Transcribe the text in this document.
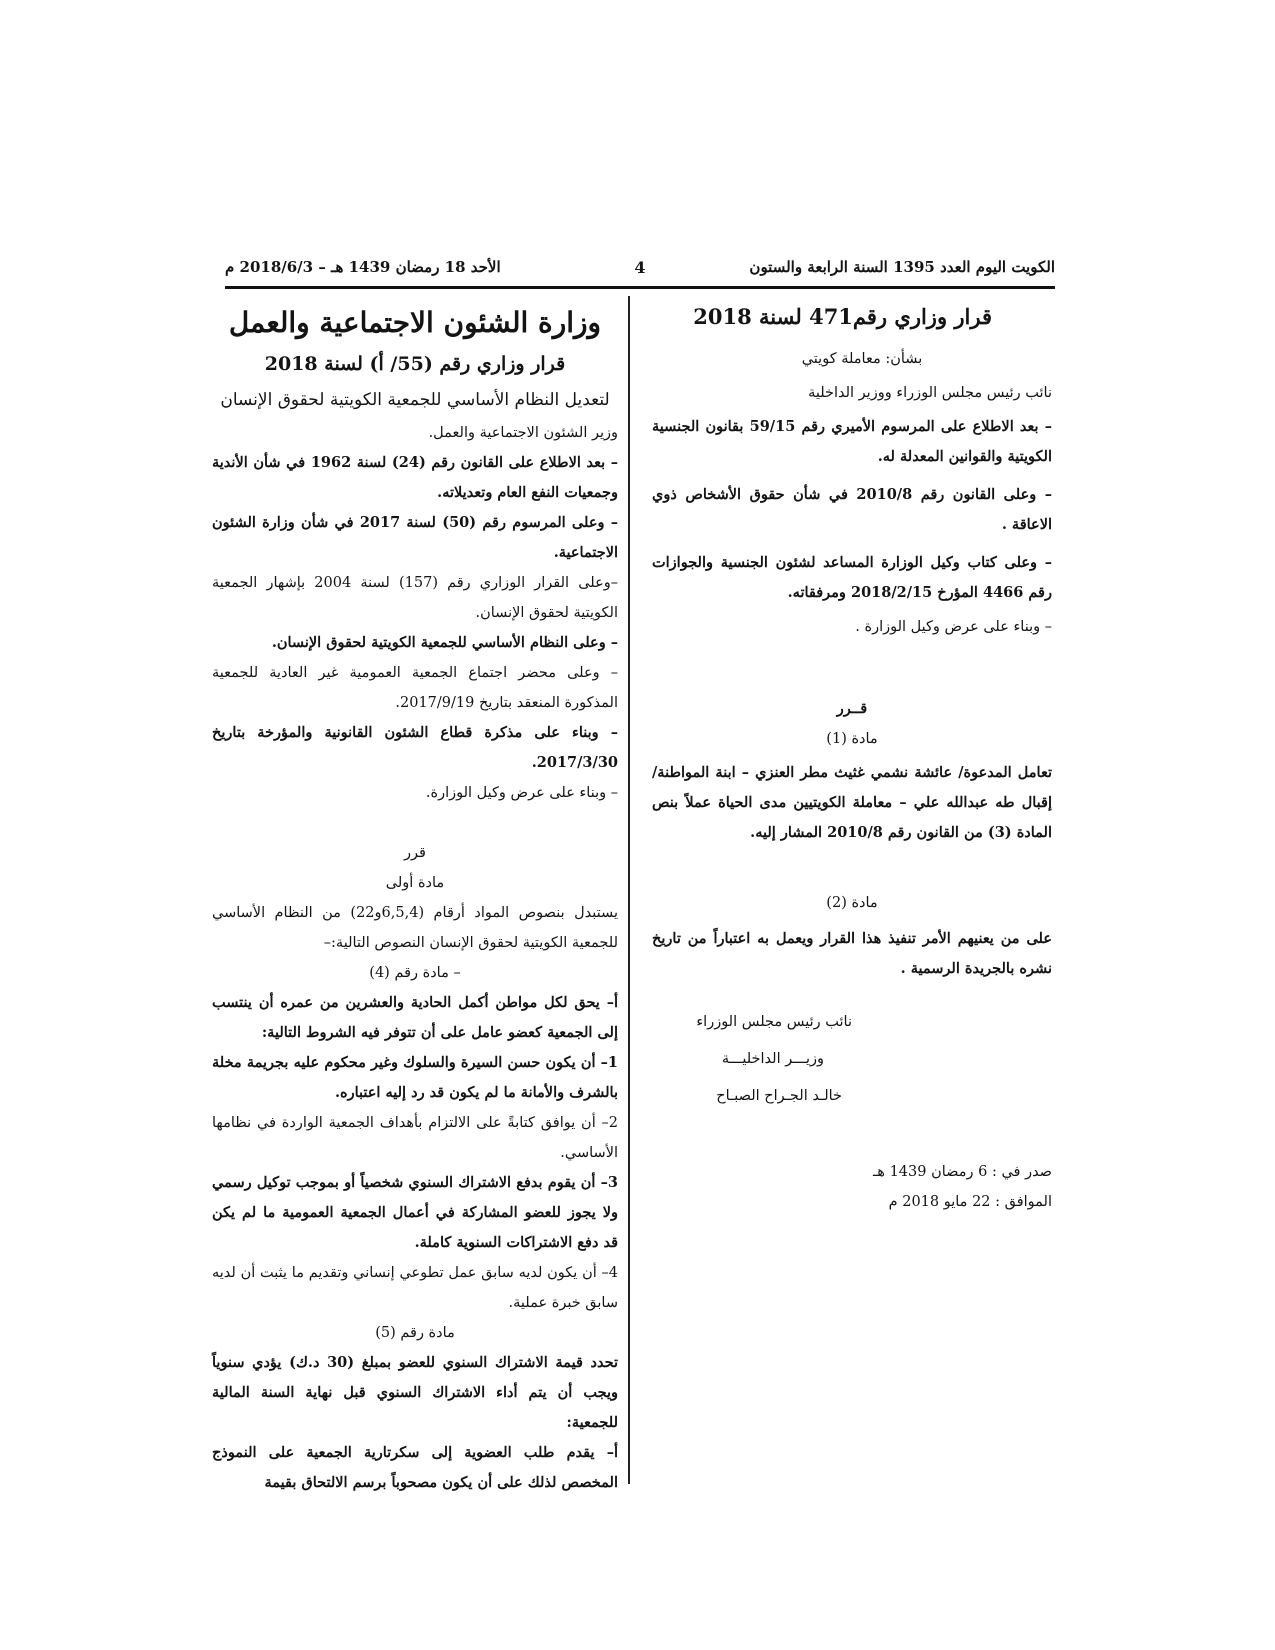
الكويت اليوم العدد 1395 السنة الرابعة والستون
4
الأحد 18 رمضان 1439 هـ – 2018/6/3 م

قرار وزاري رقم471 لسنة 2018

بشأن: معاملة كويتي

نائب رئيس مجلس الوزراء ووزير الداخلية

– بعد الاطلاع على المرسوم الأميري رقم 59/15 بقانون الجنسية الكويتية والقوانين المعدلة له.

– وعلى القانون رقم 2010/8 في شأن حقوق الأشخاص ذوي الاعاقة .

– وعلى كتاب وكيل الوزارة المساعد لشئون الجنسية والجوازات رقم 4466 المؤرخ 2018/2/15 ومرفقاته.

– وبناء على عرض وكيل الوزارة .

قــرر

مادة (1)

تعامل المدعوة/ عائشة نشمي غثيث مطر العنزي – ابنة المواطنة/ إقبال طه عبدالله علي – معاملة الكويتيين مدى الحياة عملاً بنص المادة (3) من القانون رقم 2010/8 المشار إليه.

مادة (2)

على من يعنيهم الأمر تنفيذ هذا القرار ويعمل به اعتباراً من تاريخ نشره بالجريدة الرسمية .

نائب رئيس مجلس الوزراء

وزيـــر الداخليـــة

خالـد الجـراح الصبـاح

صدر في : 6 رمضان 1439 هـ

الموافق : 22 مايو 2018 م

وزارة الشئون الاجتماعية والعمل

قرار وزاري رقم (55/ أ) لسنة 2018

لتعديل النظام الأساسي للجمعية الكويتية لحقوق الإنسان

وزير الشئون الاجتماعية والعمل.

– بعد الاطلاع على القانون رقم (24) لسنة 1962 في شأن الأندية وجمعيات النفع العام وتعديلاته.

– وعلى المرسوم رقم (50) لسنة 2017 في شأن وزارة الشئون الاجتماعية.

–وعلى القرار الوزاري رقم (157) لسنة 2004 بإشهار الجمعية الكويتية لحقوق الإنسان.

– وعلى النظام الأساسي للجمعية الكويتية لحقوق الإنسان.

– وعلى محضر اجتماع الجمعية العمومية غير العادية للجمعية المذكورة المنعقد بتاريخ 2017/9/19.

– وبناء على مذكرة قطاع الشئون القانونية والمؤرخة بتاريخ 2017/3/30.

– وبناء على عرض وكيل الوزارة.

قرر

مادة أولى

يستبدل بنصوص المواد أرقام (6,5,4و22) من النظام الأساسي للجمعية الكويتية لحقوق الإنسان النصوص التالية:–

– مادة رقم (4)

أ– يحق لكل مواطن أكمل الحادية والعشرين من عمره أن ينتسب إلى الجمعية كعضو عامل على أن تتوفر فيه الشروط التالية:

1– أن يكون حسن السيرة والسلوك وغير محكوم عليه بجريمة مخلة بالشرف والأمانة ما لم يكون قد رد إليه اعتباره.

2– أن يوافق كتابةً على الالتزام بأهداف الجمعية الواردة في نظامها الأساسي.

3– أن يقوم بدفع الاشتراك السنوي شخصياً أو بموجب توكيل رسمي ولا يجوز للعضو المشاركة في أعمال الجمعية العمومية ما لم يكن قد دفع الاشتراكات السنوية كاملة.

4– أن يكون لديه سابق عمل تطوعي إنساني وتقديم ما يثبت أن لديه سابق خبرة عملية.

مادة رقم (5)

تحدد قيمة الاشتراك السنوي للعضو بمبلغ (30 د.ك) يؤدي سنوياً ويجب أن يتم أداء الاشتراك السنوي قبل نهاية السنة المالية للجمعية:

أ– يقدم طلب العضوية إلى سكرتارية الجمعية على النموذج المخصص لذلك على أن يكون مصحوباً برسم الالتحاق بقيمة
